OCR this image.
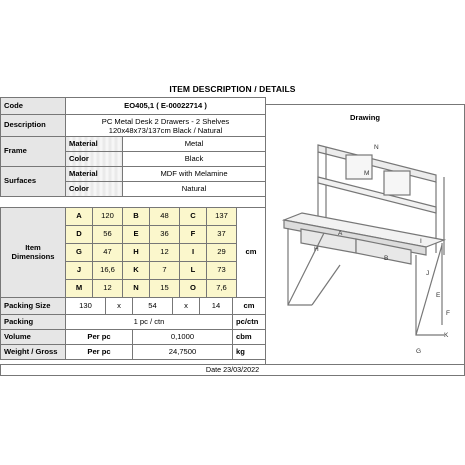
ITEM DESCRIPTION / DETAILS
Code	EO405,1 ( E-00022714 )	
Description	PC Metal Desk 2 Drawers - 2 Shelves
120x48x73/137cm Black / Natural	

Frame	Material	Metal
	Color	Black
Surfaces	Material	MDF with Melamine
	Color	Natural
Item Dimensions	A	120	B	48	C	137	cm
	D	56	E	36	F	37	
	G	47	H	12	I	29	
	J	16,6	K	7	L	73	
	M	12	N	15	O	7,6	
Packing Size	130	x	54	x	14	cm
Packing	1 pc / ctn					pc/ctn
Volume	Per pc		0,1000			cbm
Weight / Gross	Per pc		24,7500			kg
Drawing
N
M
A
H
I
B
J
E
F
K
G
Date 23/03/2022
